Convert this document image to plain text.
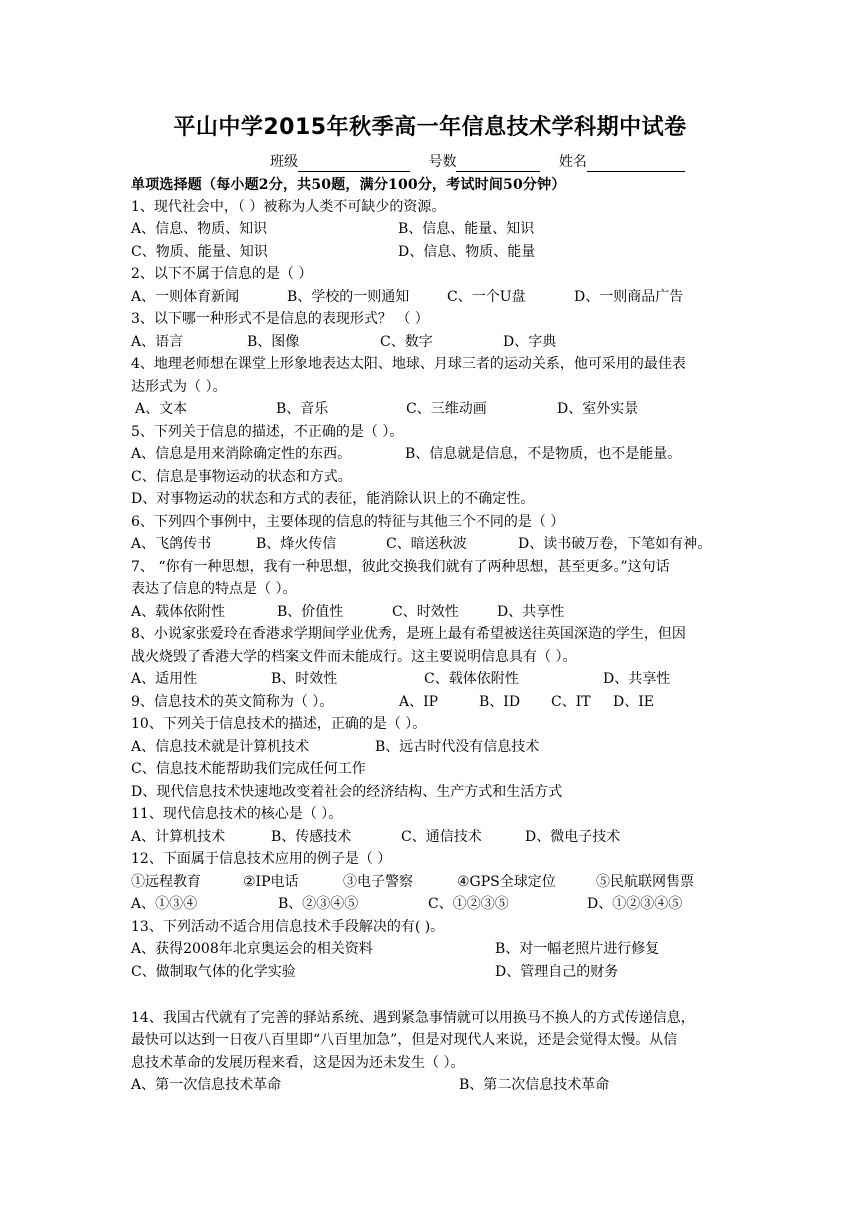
平山中学2015年秋季高一年信息技术学科期中试卷
班级	号数	姓名
单项选择题（每小题2分，共50题，满分100分，考试时间50分钟）
1、现代社会中，（ ）被称为人类不可缺少的资源。
A、信息、物质、知识	B、信息、能量、知识
C、物质、能量、知识	D、信息、物质、能量
2、以下不属于信息的是（ ）
A、一则体育新闻	B、学校的一则通知	C、一个U盘	D、一则商品广告
3、以下哪一种形式不是信息的表现形式？ （ ）
A、语言	B、图像	C、数字	D、字典
4、地理老师想在课堂上形象地表达太阳、地球、月球三者的运动关系，他可采用的最佳表
达形式为（ ）。
A、文本	B、音乐	C、三维动画	D、室外实景
5、下列关于信息的描述，不正确的是（ ）。
A、信息是用来消除确定性的东西。	B、信息就是信息，不是物质，也不是能量。
C、信息是事物运动的状态和方式。
D、对事物运动的状态和方式的表征，能消除认识上的不确定性。
6、下列四个事例中，主要体现的信息的特征与其他三个不同的是（ ）
A、飞鸽传书	B、烽火传信	C、暗送秋波	D、读书破万卷，下笔如有神。
7、 “你有一种思想，我有一种思想，彼此交换我们就有了两种思想，甚至更多。”这句话
表达了信息的特点是（ ）。
A、载体依附性	B、价值性	C、时效性	D、共享性
8、小说家张爱玲在香港求学期间学业优秀，是班上最有希望被送往英国深造的学生，但因
战火烧毁了香港大学的档案文件而未能成行。这主要说明信息具有（ ）。
A、适用性	B、时效性	C、载体依附性	D、共享性
9、信息技术的英文简称为（ ）。	A、IP	B、ID C、IT D、IE
10、下列关于信息技术的描述，正确的是（ ）。
A、信息技术就是计算机技术	B、远古时代没有信息技术
C、信息技术能帮助我们完成任何工作
D、现代信息技术快速地改变着社会的经济结构、生产方式和生活方式
11、现代信息技术的核心是（ ）。
A、计算机技术	B、传感技术	C、通信技术	D、微电子技术
12、下面属于信息技术应用的例子是（ ）
①远程教育	②IP电话	③电子警察	④GPS全球定位	⑤民航联网售票
A、①③④	B、②③④⑤	C、①②③⑤	D、①②③④⑤
13、下列活动不适合用信息技术手段解决的有( )。
A、获得2008年北京奥运会的相关资料	B、对一幅老照片进行修复
C、做制取气体的化学实验	D、管理自己的财务
14、我国古代就有了完善的驿站系统、遇到紧急事情就可以用换马不换人的方式传递信息，
最快可以达到一日夜八百里即“八百里加急”，但是对现代人来说，还是会觉得太慢。从信
息技术革命的发展历程来看，这是因为还未发生（ ）。
A、第一次信息技术革命	B、第二次信息技术革命
